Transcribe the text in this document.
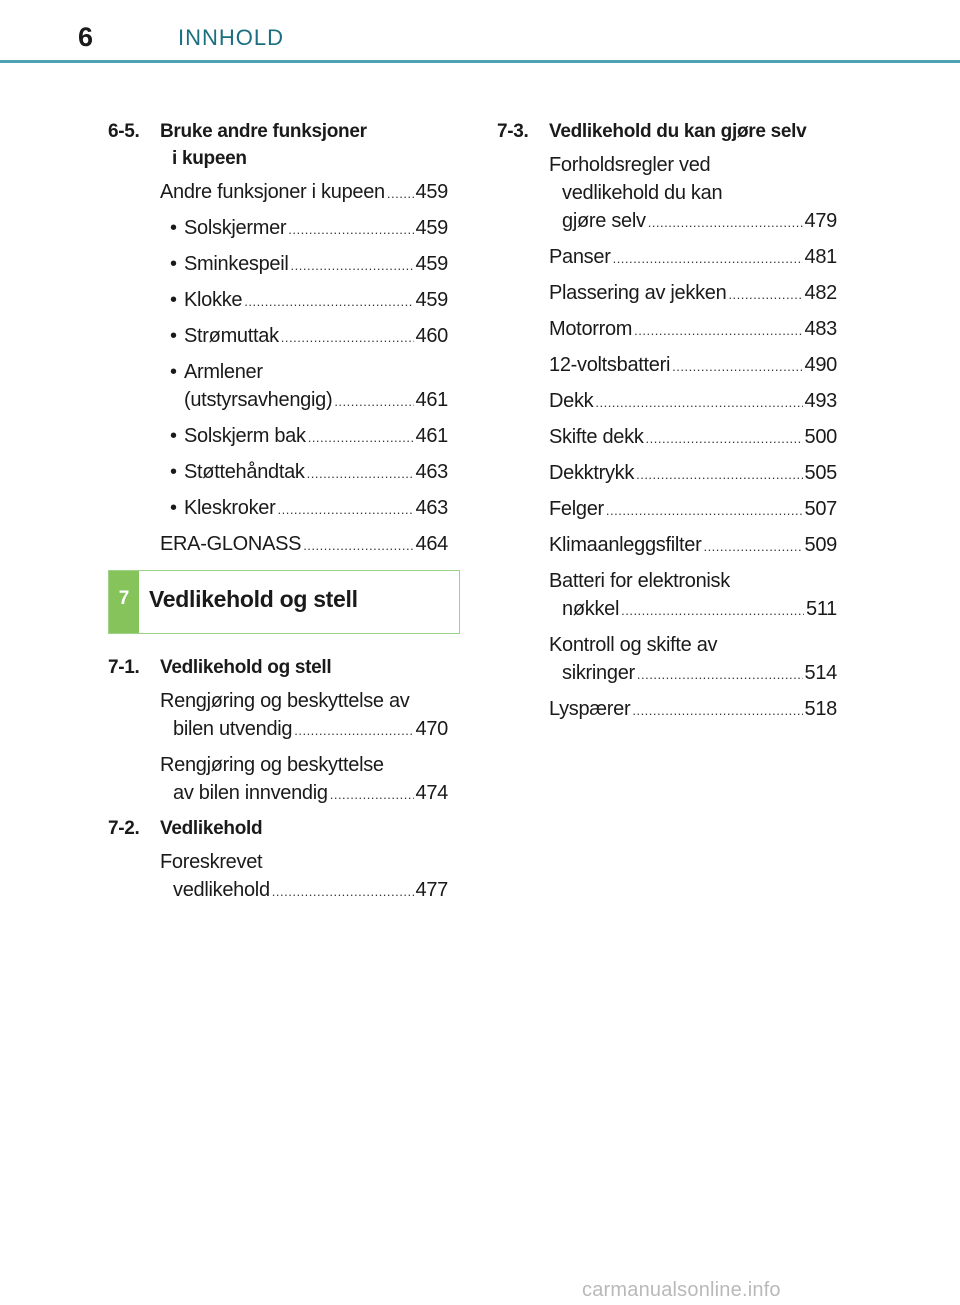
6	INNHOLD
6-5.	Bruke andre funksjoner
i kupeen
Andre funksjoner i kupeen ..... 459
• Solskjermer .....	459
• Sminkespeil .....	459
• Klokke .....	459
• Strømuttak .....	460
• Armlener
(utstyrsavhengig) .....	461
• Solskjerm bak .....	461
• Støttehåndtak .....	463
• Kleskroker .....	463
ERA-GLONASS .....	464
7 Vedlikehold og stell
7-1.	Vedlikehold og stell
Rengjøring og beskyttelse av
bilen utvendig .....	470
Rengjøring og beskyttelse
av bilen innvendig .....	474
7-2.	Vedlikehold
Foreskrevet
vedlikehold .....	477
7-3.	Vedlikehold du kan gjøre selv
Forholdsregler ved
vedlikehold du kan
gjøre selv .....	479
Panser .....	481
Plassering av jekken .....	482
Motorrom .....	483
12-voltsbatteri .....	490
Dekk .....	493
Skifte dekk .....	500
Dekktrykk .....	505
Felger .....	507
Klimaanleggsfilter .....	509
Batteri for elektronisk
nøkkel .....	511
Kontroll og skifte av
sikringer .....	514
Lyspærer .....	518
carmanualsonline.info
